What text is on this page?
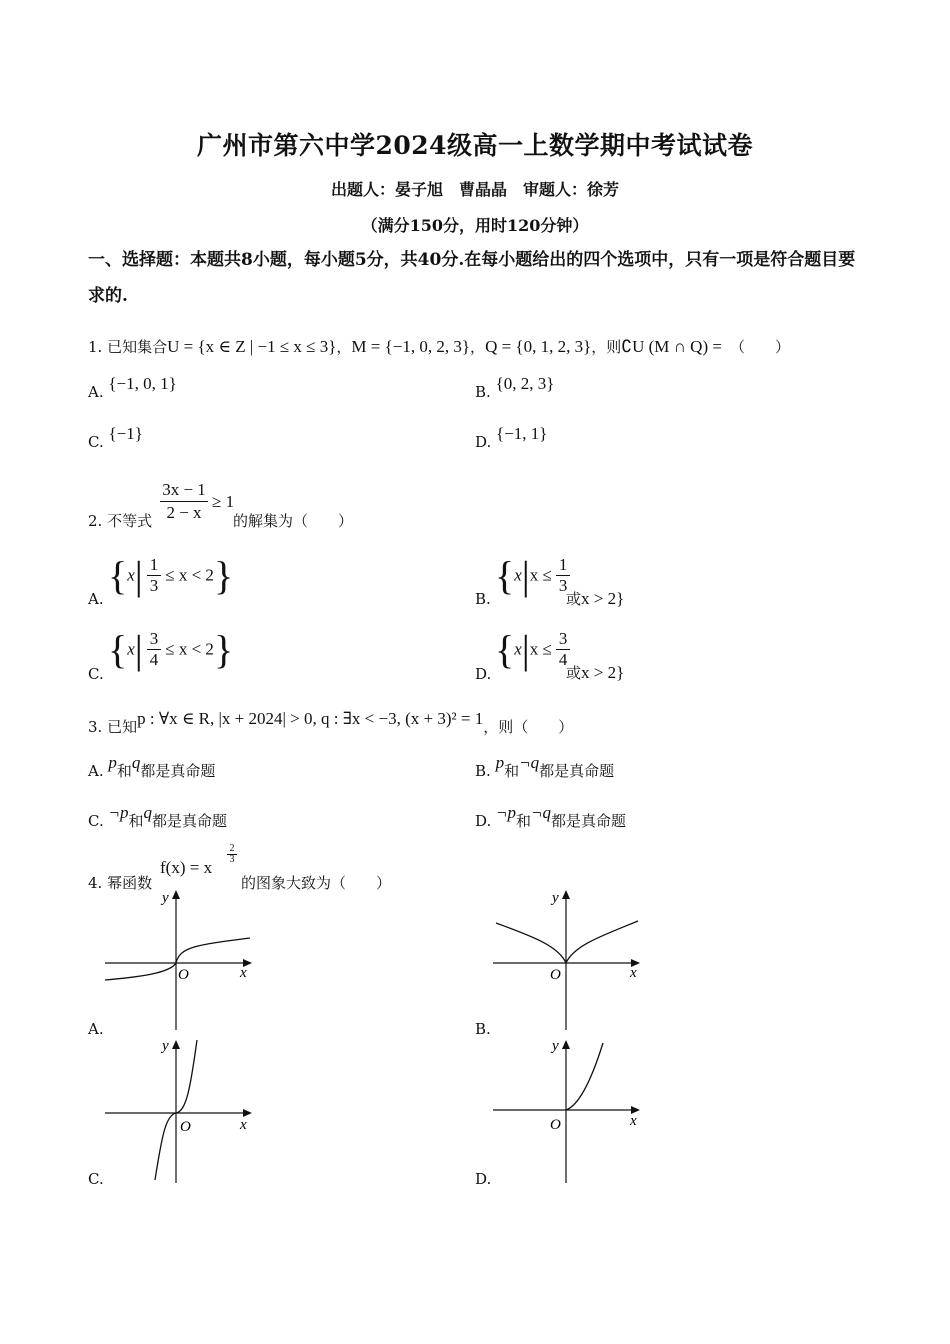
广州市第六中学2024级高一上数学期中考试试卷
出题人：晏子旭　曹晶晶　审题人：徐芳
（满分150分，用时120分钟）
一、选择题：本题共8小题，每小题5分，共40分.在每小题给出的四个选项中，只有一项是符合题目要求的.
1. 已知集合U = {x ∈ Z | −1 ≤ x ≤ 3}，M = {−1, 0, 2, 3}，Q = {0, 1, 2, 3}，则∁U (M ∩ Q) = （　　）
A. {−1, 0, 1}	B. {0, 2, 3}
C. {−1}	D. {−1, 1}
2. 不等式
3x − 1
2 − x
≥ 1
的解集为（　　）
A.
$\{x| \frac{1}{3} \le x < 2\}$
B.
{$x|x \le \frac{1}{3}$
或x > 2}
C.
$\{x| \frac{3}{4} \le x < 2\}$
D.
{$x|x \le \frac{3}{4}$
或x > 2}
3. 已知p : ∀x ∈ R, |x + 2024| > 0, q : ∃x < −3, (x + 3)² = 1，则（　　）
A. p和q都是真命题	B. p和¬q都是真命题
C. ¬p和q都是真命题	D. ¬p和¬q都是真命题
4. 幂函数
f(x) = x
2
3
的图象大致为（　　）
y
x
O
A.
y
x
O
B.
y
x
O
C.
y
x
O
D.
